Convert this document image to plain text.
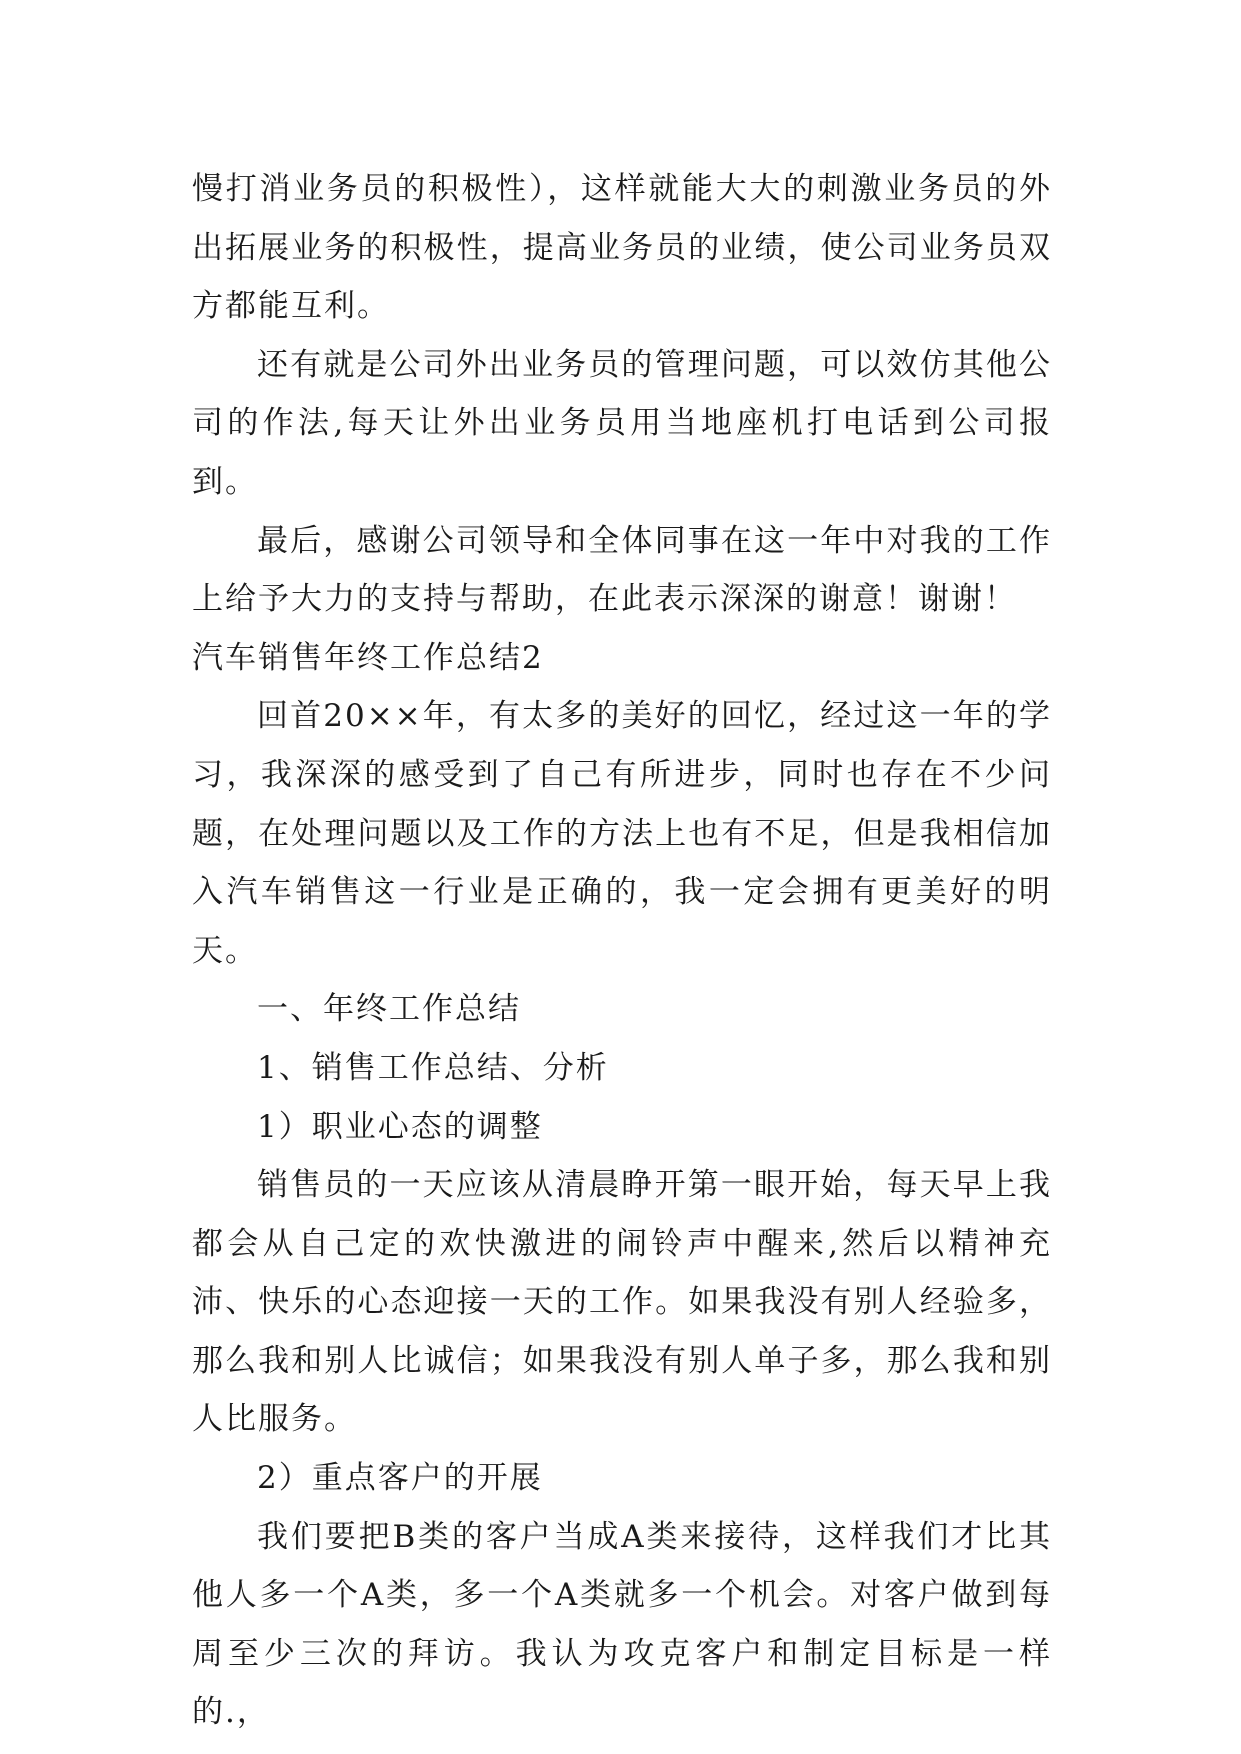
慢打消业务员的积极性），这样就能大大的刺激业务员的外出拓展业务的积极性，提高业务员的业绩，使公司业务员双方都能互利。

还有就是公司外出业务员的管理问题，可以效仿其他公司的作法,每天让外出业务员用当地座机打电话到公司报到。

最后，感谢公司领导和全体同事在这一年中对我的工作上给予大力的支持与帮助，在此表示深深的谢意！谢谢！

汽车销售年终工作总结2

回首20××年，有太多的美好的回忆，经过这一年的学习，我深深的感受到了自己有所进步，同时也存在不少问题，在处理问题以及工作的方法上也有不足，但是我相信加入汽车销售这一行业是正确的，我一定会拥有更美好的明天。

一、年终工作总结

1、销售工作总结、分析

1）职业心态的调整

销售员的一天应该从清晨睁开第一眼开始，每天早上我都会从自己定的欢快激进的闹铃声中醒来,然后以精神充沛、快乐的心态迎接一天的工作。如果我没有别人经验多，那么我和别人比诚信；如果我没有别人单子多，那么我和别人比服务。

2）重点客户的开展

我们要把B类的客户当成A类来接待，这样我们才比其他人多一个A类，多一个A类就多一个机会。对客户做到每周至少三次的拜访。我认为攻克客户和制定目标是一样的.，
